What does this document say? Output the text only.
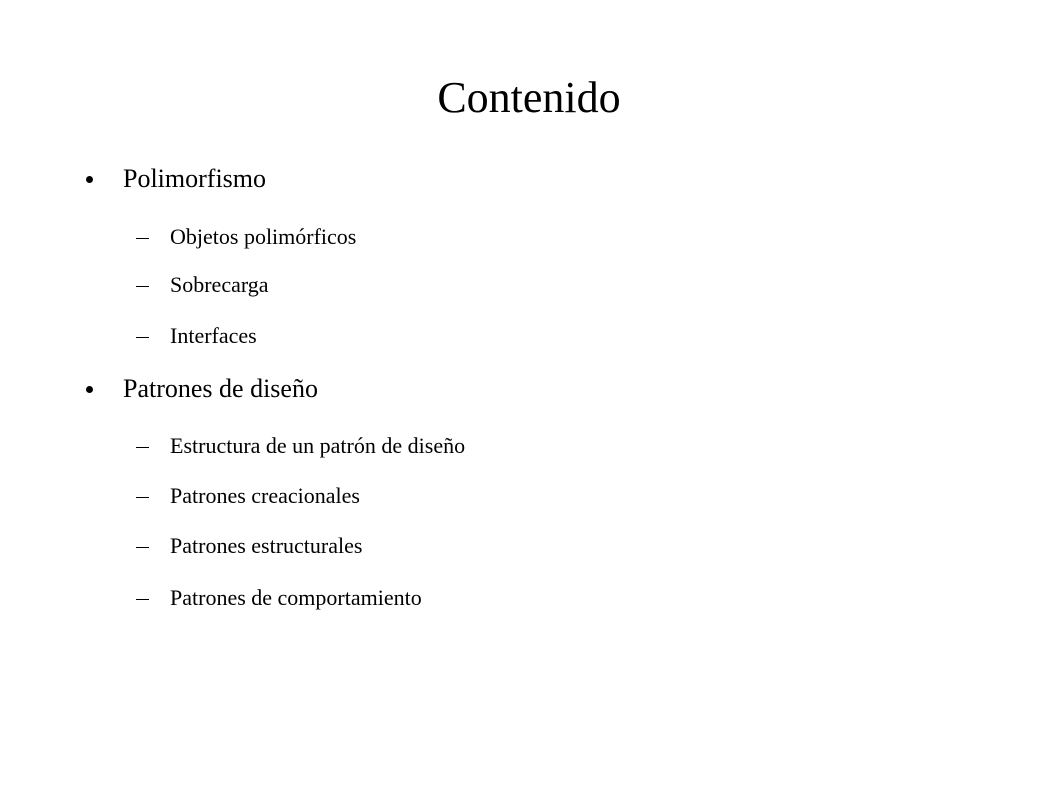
Contenido
Polimorfismo
Objetos polimórficos
Sobrecarga
Interfaces
Patrones de diseño
Estructura de un patrón de diseño
Patrones creacionales
Patrones estructurales
Patrones de comportamiento
